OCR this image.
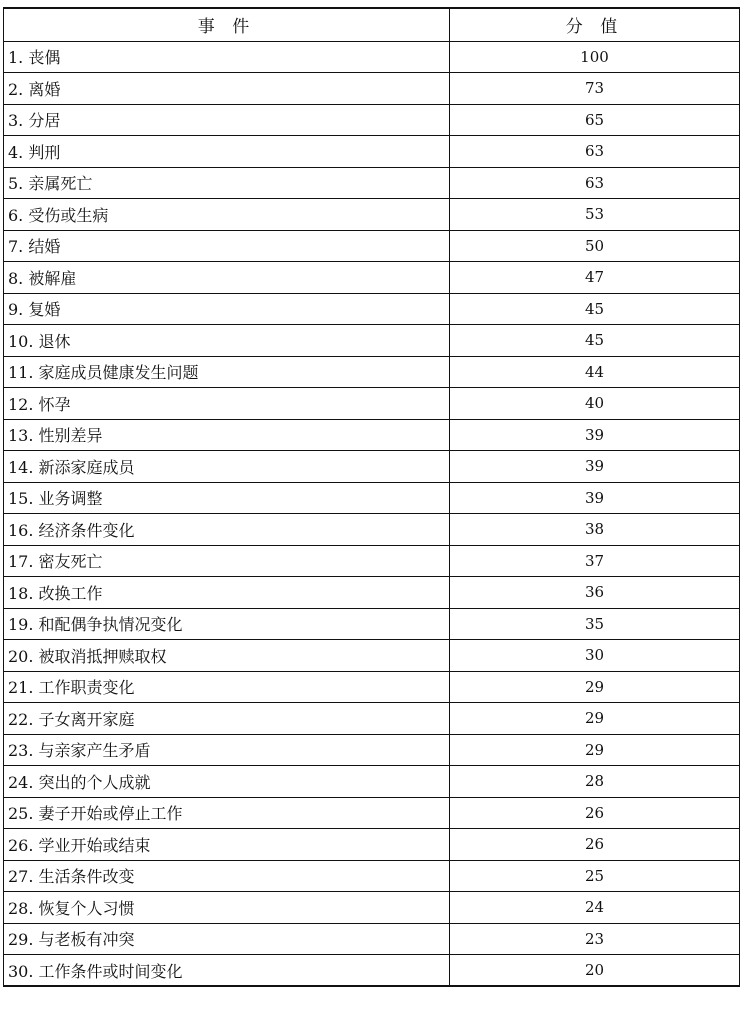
事 件	分 值
1. 丧偶	100
2. 离婚	73
3. 分居	65
4. 判刑	63
5. 亲属死亡	63
6. 受伤或生病	53
7. 结婚	50
8. 被解雇	47
9. 复婚	45
10. 退休	45
11. 家庭成员健康发生问题	44
12. 怀孕	40
13. 性别差异	39
14. 新添家庭成员	39
15. 业务调整	39
16. 经济条件变化	38
17. 密友死亡	37
18. 改换工作	36
19. 和配偶争执情况变化	35
20. 被取消抵押赎取权	30
21. 工作职责变化	29
22. 子女离开家庭	29
23. 与亲家产生矛盾	29
24. 突出的个人成就	28
25. 妻子开始或停止工作	26
26. 学业开始或结束	26
27. 生活条件改变	25
28. 恢复个人习惯	24
29. 与老板有冲突	23
30. 工作条件或时间变化	20
